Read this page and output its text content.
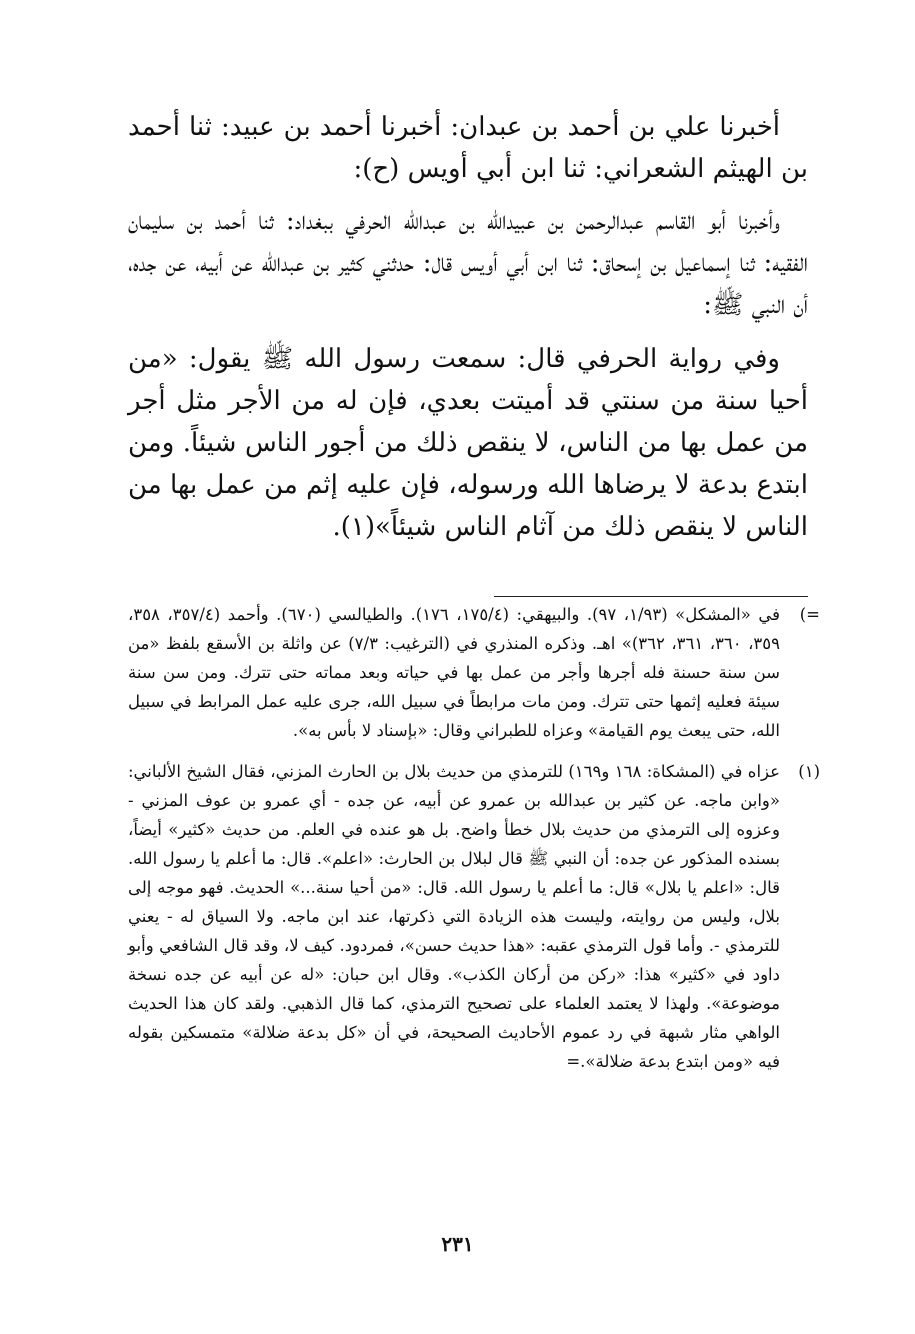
أخبرنا علي بن أحمد بن عبدان: أخبرنا أحمد بن عبيد: ثنا أحمد بن الهيثم الشعراني: ثنا ابن أبي أويس (ح):

وأخبرنا أبو القاسم عبدالرحمن بن عبيدالله بن عبدالله الحرفي ببغداد: ثنا أحمد بن سليمان الفقيه: ثنا إسماعيل بن إسحاق: ثنا ابن أبي أويس قال: حدثني كثير بن عبدالله عن أبيه، عن جده، أن النبي ﷺ:

وفي رواية الحرفي قال: سمعت رسول الله ﷺ يقول: «من أحيا سنة من سنتي قد أميتت بعدي، فإن له من الأجر مثل أجر من عمل بها من الناس، لا ينقص ذلك من أجور الناس شيئاً. ومن ابتدع بدعة لا يرضاها الله ورسوله، فإن عليه إثم من عمل بها من الناس لا ينقص ذلك من آثام الناس شيئاً»(١).

=)
في «المشكل» (١/٩٣، ٩٧). والبيهقي: (١٧٥/٤، ١٧٦). والطيالسي (٦٧٠). وأحمد (٣٥٧/٤، ٣٥٨، ٣٥٩، ٣٦٠، ٣٦١، ٣٦٢)» اهـ. وذكره المنذري في (الترغيب: ٧/٣) عن واثلة بن الأسقع بلفظ «من سن سنة حسنة فله أجرها وأجر من عمل بها في حياته وبعد مماته حتى تترك. ومن سن سنة سيئة فعليه إثمها حتى تترك. ومن مات مرابطاً في سبيل الله، جرى عليه عمل المرابط في سبيل الله، حتى يبعث يوم القيامة» وعزاه للطبراني وقال: «بإسناد لا بأس به».
(١)
عزاه في (المشكاة: ١٦٨ و١٦٩) للترمذي من حديث بلال بن الحارث المزني، فقال الشيخ الألباني: «وابن ماجه. عن كثير بن عبدالله بن عمرو عن أبيه، عن جده - أي عمرو بن عوف المزني - وعزوه إلى الترمذي من حديث بلال خطأ واضح. بل هو عنده في العلم. من حديث «كثير» أيضاً، بسنده المذكور عن جده: أن النبي ﷺ قال لبلال بن الحارث: «اعلم». قال: ما أعلم يا رسول الله. قال: «اعلم يا بلال» قال: ما أعلم يا رسول الله. قال: «من أحيا سنة...» الحديث. فهو موجه إلى بلال، وليس من روايته، وليست هذه الزيادة التي ذكرتها، عند ابن ماجه. ولا السياق له - يعني للترمذي -. وأما قول الترمذي عقبه: «هذا حديث حسن»، فمردود. كيف لا، وقد قال الشافعي وأبو داود في «كثير» هذا: «ركن من أركان الكذب». وقال ابن حبان: «له عن أبيه عن جده نسخة موضوعة». ولهذا لا يعتمد العلماء على تصحيح الترمذي، كما قال الذهبي. ولقد كان هذا الحديث الواهي مثار شبهة في رد عموم الأحاديث الصحيحة، في أن «كل بدعة ضلالة» متمسكين بقوله فيه «ومن ابتدع بدعة ضلالة».=
٢٣١
